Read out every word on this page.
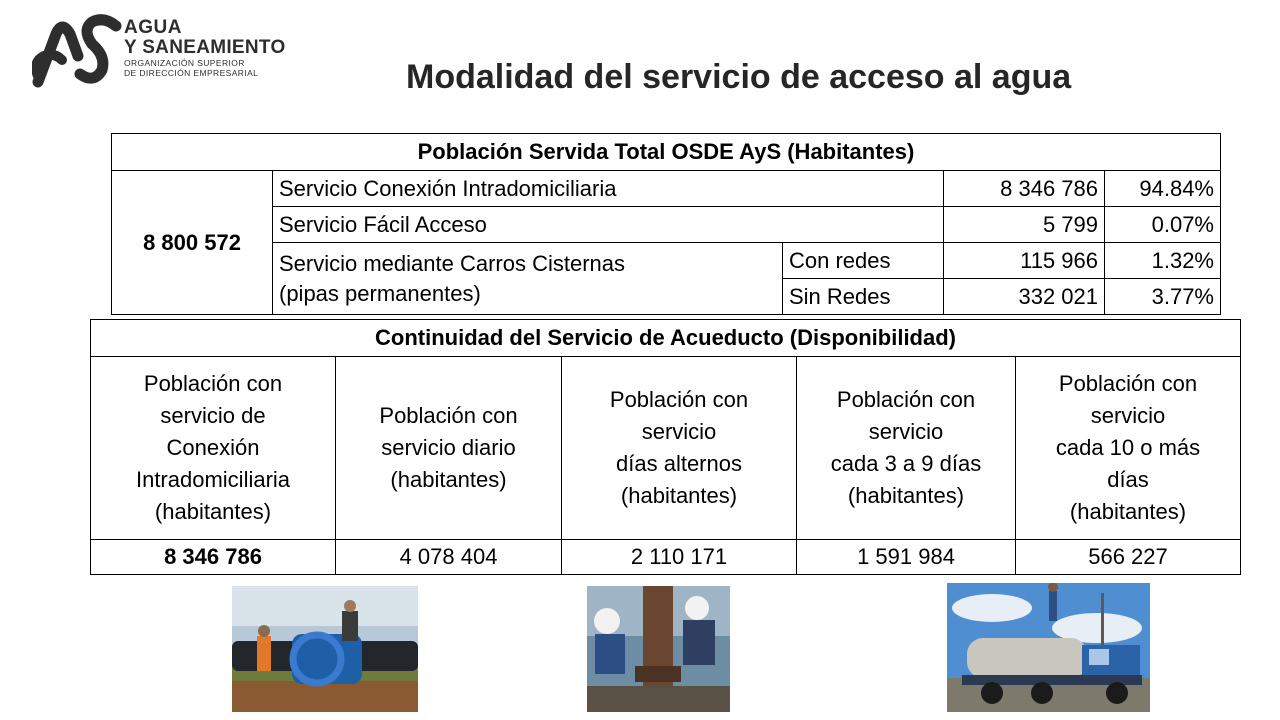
AGUA
Y SANEAMIENTO
ORGANIZACIÓN SUPERIOR
DE DIRECCIÓN EMPRESARIAL	Modalidad del servicio de acceso al agua
Población Servida Total OSDE AyS (Habitantes)				
8 800 572	Servicio Conexión Intradomiciliaria		8 346 786	94.84%
	Servicio Fácil Acceso		5 799	0.07%
	Servicio mediante Carros Cisternas
(pipas permanentes)	Con redes	115 966	1.32%
		Sin Redes	332 021	3.77%
Continuidad del Servicio de Acueducto (Disponibilidad)				
Población con
servicio de
Conexión
Intradomiciliaria
(habitantes)	Población con
servicio diario
(habitantes)	Población con
servicio
días alternos
(habitantes)	Población con
servicio
cada 3 a 9 días
(habitantes)	Población con
servicio
cada 10 o más
días
(habitantes)
8 346 786	4 078 404	2 110 171	1 591 984	566 227
